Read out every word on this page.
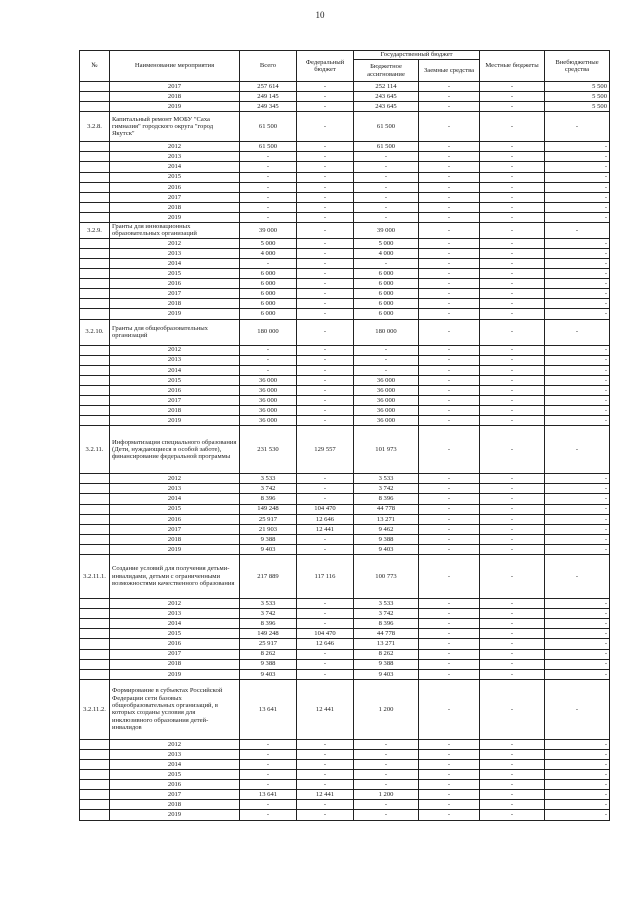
10
№	Наименование мероприятия	Всего	Федеральный бюджет	Государственный бюджет		Местные бюджеты	Внебюджетные средства
				Бюджетное ассигнование	Заемные средства		
	2017	257 614	-	252 114	-	-	5 500
	2018	249 145	-	243 645	-	-	5 500
	2019	249 345	-	243 645	-	-	5 500
3.2.8.	Капитальный ремонт МОБУ "Саха гимназия" городского округа "город Якутск"	61 500	-	61 500	-	-	-
	2012	61 500	-	61 500	-	-	-
	2013	-	-	-	-	-	-
	2014	-	-	-	-	-	-
	2015	-	-	-	-	-	-
	2016	-	-	-	-	-	-
	2017	-	-	-	-	-	-
	2018	-	-	-	-	-	-
	2019	-	-	-	-	-	-
3.2.9.	Гранты для инновационных образовательных организаций	39 000	-	39 000	-	-	-
	2012	5 000	-	5 000	-	-	-
	2013	4 000	-	4 000	-	-	-
	2014	-	-	-	-	-	-
	2015	6 000	-	6 000	-	-	-
	2016	6 000	-	6 000	-	-	-
	2017	6 000	-	6 000	-	-	-
	2018	6 000	-	6 000	-	-	-
	2019	6 000	-	6 000	-	-	-
3.2.10.	Гранты для общеобразовательных организаций	180 000	-	180 000	-	-	-
	2012	-	-	-	-	-	-
	2013	-	-	-	-	-	-
	2014	-	-	-	-	-	-
	2015	36 000	-	36 000	-	-	-
	2016	36 000	-	36 000	-	-	-
	2017	36 000	-	36 000	-	-	-
	2018	36 000	-	36 000	-	-	-
	2019	36 000	-	36 000	-	-	-
3.2.11.	Информатизация специального образования (Дети, нуждающиеся в особой заботе), финансирование федеральной программы	231 530	129 557	101 973	-	-	-
	2012	3 533	-	3 533	-	-	-
	2013	3 742	-	3 742	-	-	-
	2014	8 396	-	8 396	-	-	-
	2015	149 248	104 470	44 778	-	-	-
	2016	25 917	12 646	13 271	-	-	-
	2017	21 903	12 441	9 462	-	-	-
	2018	9 388	-	9 388	-	-	-
	2019	9 403	-	9 403	-	-	-
3.2.11.1.	Создание условий для получения детьми-инвалидами, детьми с ограниченными возможностями качественного образования	217 889	117 116	100 773	-	-	-
	2012	3 533	-	3 533	-	-	-
	2013	3 742	-	3 742	-	-	-
	2014	8 396	-	8 396	-	-	-
	2015	149 248	104 470	44 778	-	-	-
	2016	25 917	12 646	13 271	-	-	-
	2017	8 262	-	8 262	-	-	-
	2018	9 388	-	9 388	-	-	-
	2019	9 403	-	9 403	-	-	-
3.2.11.2.	Формирование в субъектах Российской Федерации сети базовых общеобразовательных организаций, в которых созданы условия для инклюзивного образования детей-инвалидов	13 641	12 441	1 200	-	-	-
	2012	-	-	-	-	-	-
	2013	-	-	-	-	-	-
	2014	-	-	-	-	-	-
	2015	-	-	-	-	-	-
	2016	-	-	-	-	-	-
	2017	13 641	12 441	1 200	-	-	-
	2018	-	-	-	-	-	-
	2019	-	-	-	-	-	-
